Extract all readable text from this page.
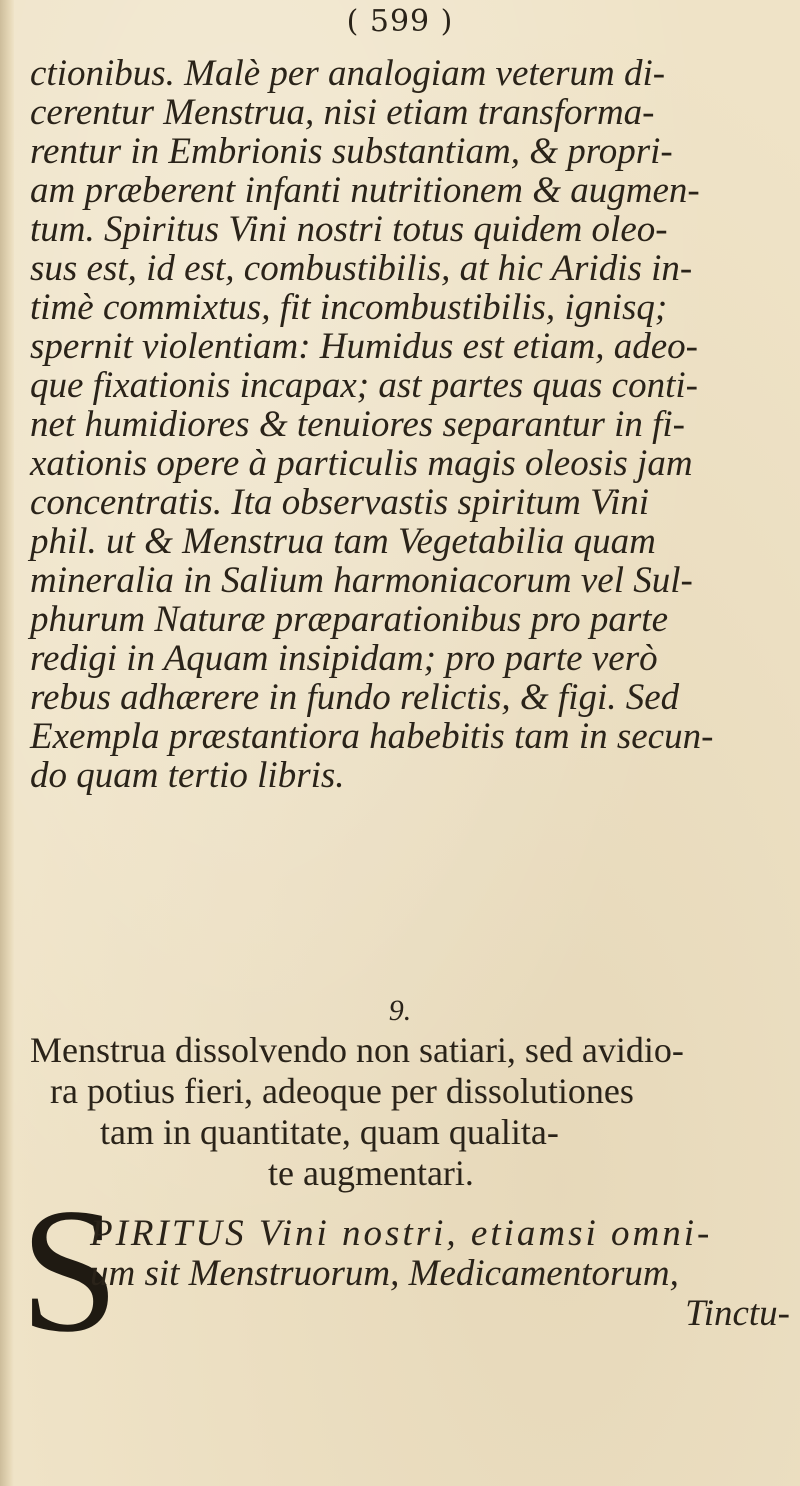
( 599 )
ctionibus. Malè per analogiam veterum di-
cerentur Menstrua, nisi etiam transforma-
rentur in Embrionis substantiam, & propri-
am præberent infanti nutritionem & augmen-
tum. Spiritus Vini nostri totus quidem oleo-
sus est, id est, combustibilis, at hic Aridis in-
timè commixtus, fit incombustibilis, ignisq;
spernit violentiam: Humidus est etiam, adeo-
que fixationis incapax; ast partes quas conti-
net humidiores & tenuiores separantur in fi-
xationis opere à particulis magis oleosis jam
concentratis. Ita observastis spiritum Vini
phil. ut & Menstrua tam Vegetabilia quam
mineralia in Salium harmoniacorum vel Sul-
phurum Naturæ præparationibus pro parte
redigi in Aquam insipidam; pro parte verò
rebus adhærere in fundo relictis, & figi. Sed
Exempla præstantiora habebitis tam in secun-
do quam tertio libris.
9.
Menstrua dissolvendo non satiari, sed avidio-
ra potius fieri, adeoque per dissolutiones
tam in quantitate, quam qualita-
te augmentari.
S
PIRITUS Vini nostri, etiamsi omni-
um sit Menstruorum, Medicamentorum,
Tinctu-
